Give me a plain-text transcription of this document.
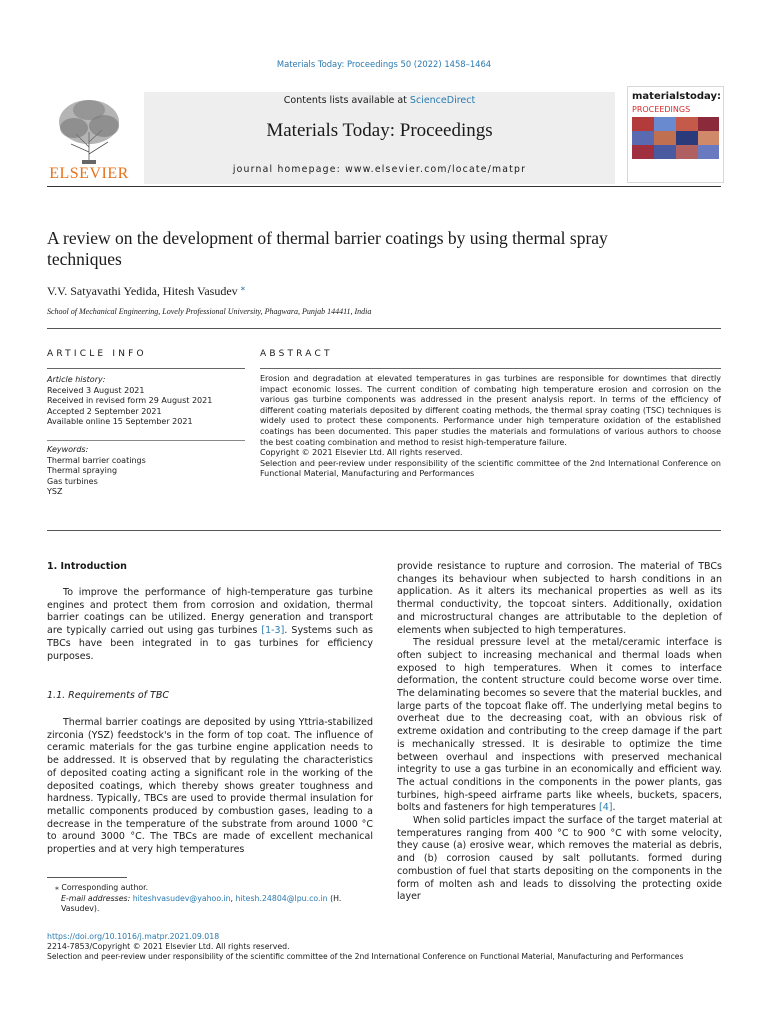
Materials Today: Proceedings 50 (2022) 1458–1464
ELSEVIER
Contents lists available at ScienceDirect
Materials Today: Proceedings
journal homepage: www.elsevier.com/locate/matpr
materialstoday:
PROCEEDINGS
A review on the development of thermal barrier coatings by using thermal spray techniques
V.V. Satyavathi Yedida, Hitesh Vasudev ⁎
School of Mechanical Engineering, Lovely Professional University, Phagwara, Punjab 144411, India
ARTICLE INFO	ABSTRACT
Article history:
Received 3 August 2021
Received in revised form 29 August 2021
Accepted 2 September 2021
Available online 15 September 2021
Keywords:
Thermal barrier coatings
Thermal spraying
Gas turbines
YSZ

Erosion and degradation at elevated temperatures in gas turbines are responsible for downtimes that directly impact economic losses. The current condition of combating high temperature erosion and corrosion on the various gas turbine components was addressed in the present analysis report. In terms of the efficiency of different coating materials deposited by different coating methods, the thermal spray coating (TSC) techniques is widely used to protect these components. Performance under high temperature oxidation of the established coatings has been documented. This paper studies the materials and formulations of various authors to choose the best coating combination and method to resist high-temperature failure.

Copyright © 2021 Elsevier Ltd. All rights reserved.

Selection and peer-review under responsibility of the scientific committee of the 2nd International Conference on Functional Material, Manufacturing and Performances

1. Introduction
To improve the performance of high-temperature gas turbine engines and protect them from corrosion and oxidation, thermal barrier coatings can be utilized. Energy generation and transport are typically carried out using gas turbines [1-3]. Systems such as TBCs have been integrated in to gas turbines for efficiency purposes.
1.1. Requirements of TBC
Thermal barrier coatings are deposited by using Yttria-stabilized zirconia (YSZ) feedstock's in the form of top coat. The influence of ceramic materials for the gas turbine engine application needs to be addressed. It is observed that by regulating the characteristics of deposited coating acting a significant role in the working of the deposited coatings, which thereby shows greater toughness and hardness. Typically, TBCs are used to provide thermal insulation for metallic components produced by combustion gases, leading to a decrease in the temperature of the substrate from around 1000 °C to around 3000 °C. The TBCs are made of excellent mechanical properties and at very high temperatures
⁎ Corresponding author.
E-mail addresses: hiteshvasudev@yahoo.in, hitesh.24804@lpu.co.in (H. Vasudev).

provide resistance to rupture and corrosion. The material of TBCs changes its behaviour when subjected to harsh conditions in an application. As it alters its mechanical properties as well as its thermal conductivity, the topcoat sinters. Additionally, oxidation and microstructural changes are attributable to the depletion of elements when subjected to high temperatures.

The residual pressure level at the metal/ceramic interface is often subject to increasing mechanical and thermal loads when exposed to high temperatures. When it comes to interface deformation, the content structure could become worse over time. The delaminating becomes so severe that the material buckles, and large parts of the topcoat flake off. The underlying metal begins to overheat due to the decreasing coat, with an obvious risk of extreme oxidation and contributing to the creep damage if the part is mechanically stressed. It is desirable to optimize the time between overhaul and inspections with preserved mechanical integrity to use a gas turbine in an economically and efficient way. The actual conditions in the components in the power plants, gas turbines, high-speed airframe parts like wheels, buckets, spacers, bolts and fasteners for high temperatures [4].

When solid particles impact the surface of the target material at temperatures ranging from 400 °C to 900 °C with some velocity, they cause (a) erosive wear, which removes the material as debris, and (b) corrosion caused by salt pollutants. formed during combustion of fuel that starts depositing on the components in the form of molten ash and leads to dissolving the protecting oxide layer

https://doi.org/10.1016/j.matpr.2021.09.018
2214-7853/Copyright © 2021 Elsevier Ltd. All rights reserved.
Selection and peer-review under responsibility of the scientific committee of the 2nd International Conference on Functional Material, Manufacturing and Performances
